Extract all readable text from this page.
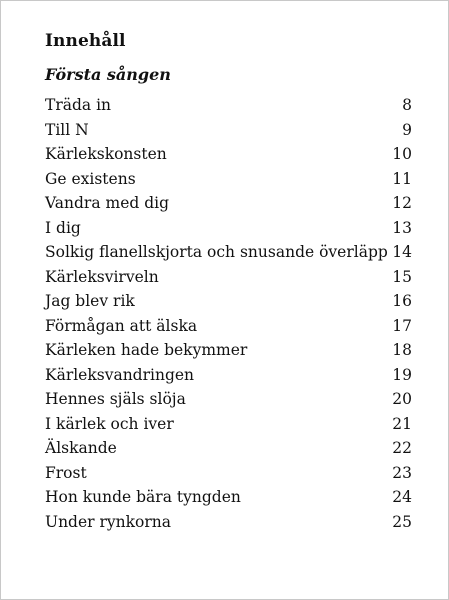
Innehåll
Första sången
Träda in	8
Till N	9
Kärlekskonsten	10
Ge existens	11
Vandra med dig	12
I dig	13
Solkig flanellskjorta och snusande överläpp 14
Kärleksvirveln	15
Jag blev rik	16
Förmågan att älska	17
Kärleken hade bekymmer	18
Kärleksvandringen	19
Hennes själs slöja	20
I kärlek och iver	21
Älskande	22
Frost	23
Hon kunde bära tyngden	24
Under rynkorna	25
